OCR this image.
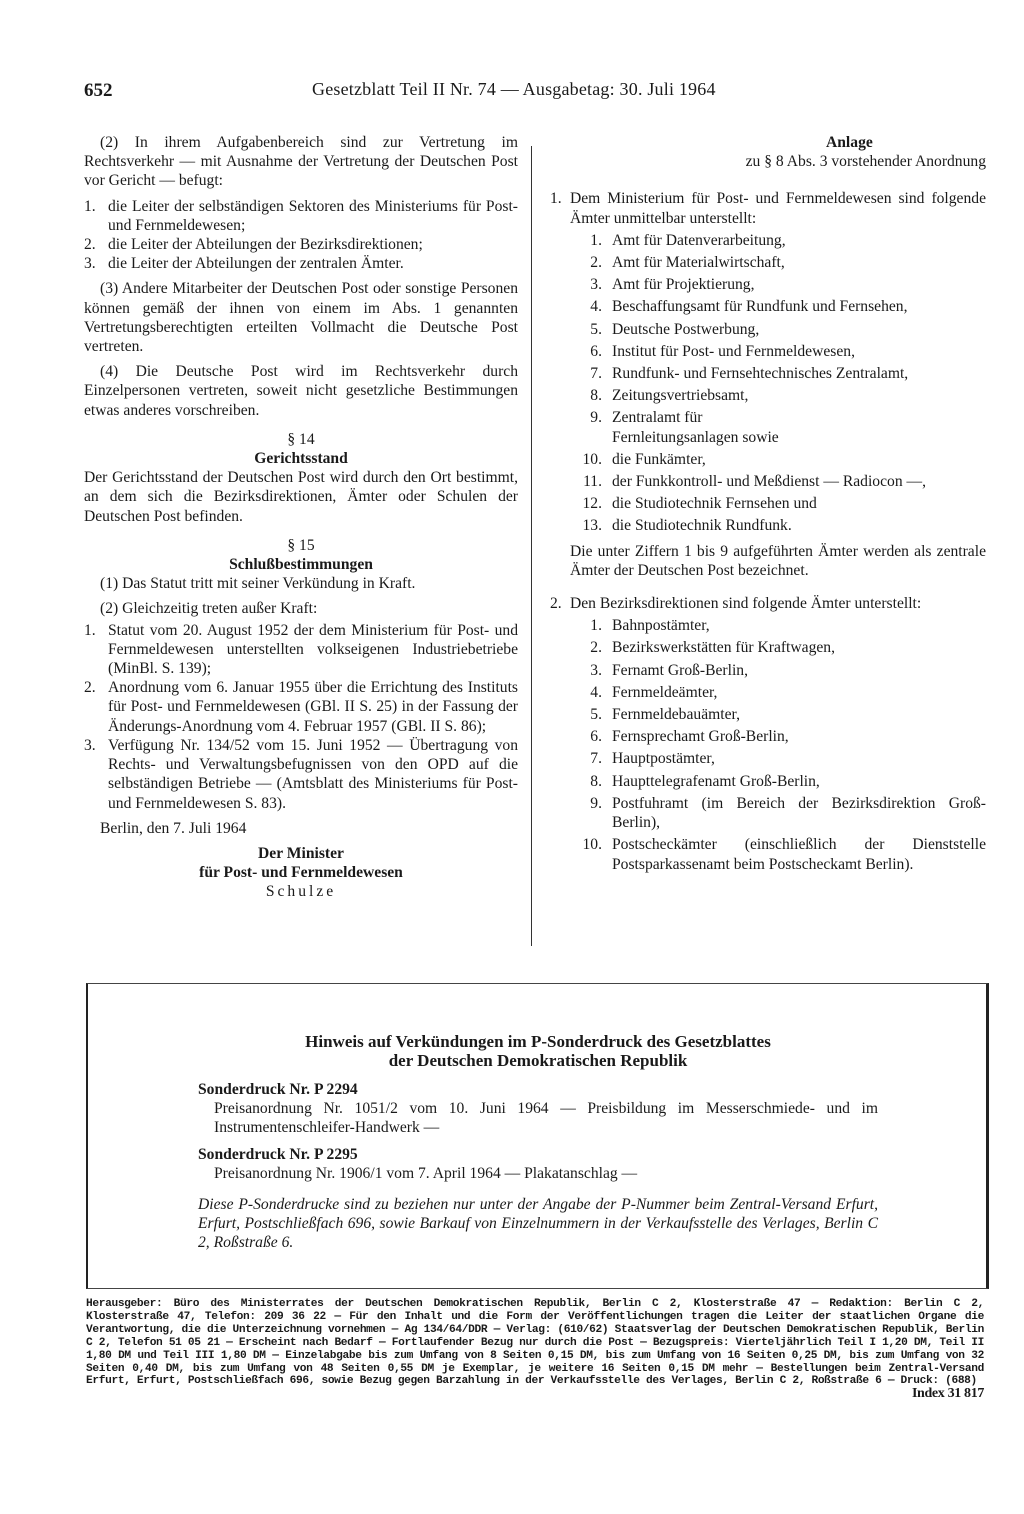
652	Gesetzblatt Teil II Nr. 74 — Ausgabetag: 30. Juli 1964

(2) In ihrem Aufgabenbereich sind zur Vertretung im Rechtsverkehr — mit Ausnahme der Vertretung der Deutschen Post vor Gericht — befugt:

1. die Leiter der selbständigen Sektoren des Ministeriums für Post- und Fernmeldewesen;
2. die Leiter der Abteilungen der Bezirksdirektionen;
3. die Leiter der Abteilungen der zentralen Ämter.

(3) Andere Mitarbeiter der Deutschen Post oder sonstige Personen können gemäß der ihnen von einem im Abs. 1 genannten Vertretungsberechtigten erteilten Vollmacht die Deutsche Post vertreten.

(4) Die Deutsche Post wird im Rechtsverkehr durch Einzelpersonen vertreten, soweit nicht gesetzliche Bestimmungen etwas anderes vorschreiben.

§ 14

Gerichtsstand

Der Gerichtsstand der Deutschen Post wird durch den Ort bestimmt, an dem sich die Bezirksdirektionen, Ämter oder Schulen der Deutschen Post befinden.

§ 15

Schlußbestimmungen

(1) Das Statut tritt mit seiner Verkündung in Kraft.

(2) Gleichzeitig treten außer Kraft:

1. Statut vom 20. August 1952 der dem Ministerium für Post- und Fernmeldewesen unterstellten volkseigenen Industriebetriebe (MinBl. S. 139);
2. Anordnung vom 6. Januar 1955 über die Errichtung des Instituts für Post- und Fernmeldewesen (GBl. II S. 25) in der Fassung der Änderungs-Anordnung vom 4. Februar 1957 (GBl. II S. 86);
3. Verfügung Nr. 134/52 vom 15. Juni 1952 — Übertragung von Rechts- und Verwaltungsbefugnissen von den OPD auf die selbständigen Betriebe — (Amtsblatt des Ministeriums für Post- und Fernmeldewesen S. 83).

Berlin, den 7. Juli 1964

Der Minister

für Post- und Fernmeldewesen

Schulze

Anlage

zu § 8 Abs. 3 vorstehender Anordnung

1. Dem Ministerium für Post- und Fernmeldewesen sind folgende Ämter unmittelbar unterstellt:

1. Amt für Datenverarbeitung,
2. Amt für Materialwirtschaft,
3. Amt für Projektierung,
4. Beschaffungsamt für Rundfunk und Fernsehen,
5. Deutsche Postwerbung,
6. Institut für Post- und Fernmeldewesen,
7. Rundfunk- und Fernsehtechnisches Zentralamt,
8. Zeitungsvertriebsamt,
9. Zentralamt für Fernleitungsanlagen sowie
10. die Funkämter,
11. der Funkkontroll- und Meßdienst — Radiocon —,
12. die Studiotechnik Fernsehen und
13. die Studiotechnik Rundfunk.

Die unter Ziffern 1 bis 9 aufgeführten Ämter werden als zentrale Ämter der Deutschen Post bezeichnet.

2. Den Bezirksdirektionen sind folgende Ämter unterstellt:

1. Bahnpostämter,
2. Bezirkswerkstätten für Kraftwagen,
3. Fernamt Groß-Berlin,
4. Fernmeldeämter,
5. Fernmeldebauämter,
6. Fernsprechamt Groß-Berlin,
7. Hauptpostämter,
8. Haupttelegrafenamt Groß-Berlin,
9. Postfuhramt (im Bereich der Bezirksdirektion Groß-Berlin),
10. Postscheckämter (einschließlich der Dienststelle Postsparkassenamt beim Postscheckamt Berlin).

Hinweis auf Verkündungen im P-Sonderdruck des Gesetzblattes

der Deutschen Demokratischen Republik

Sonderdruck Nr. P 2294

Preisanordnung Nr. 1051/2 vom 10. Juni 1964 — Preisbildung im Messerschmiede- und im Instrumentenschleifer-Handwerk —

Sonderdruck Nr. P 2295

Preisanordnung Nr. 1906/1 vom 7. April 1964 — Plakatanschlag —

Diese P-Sonderdrucke sind zu beziehen nur unter der Angabe der P-Nummer beim Zentral-Versand Erfurt, Erfurt, Postschließfach 696, sowie Barkauf von Einzelnummern in der Verkaufsstelle des Verlages, Berlin C 2, Roßstraße 6.

Herausgeber: Büro des Ministerrates der Deutschen Demokratischen Republik, Berlin C 2, Klosterstraße 47 — Redaktion: Berlin C 2, Klosterstraße 47, Telefon: 209 36 22 — Für den Inhalt und die Form der Veröffentlichungen tragen die Leiter der staatlichen Organe die Verantwortung, die die Unterzeichnung vornehmen — Ag 134/64/DDR — Verlag: (610/62) Staatsverlag der Deutschen Demokratischen Republik, Berlin C 2, Telefon 51 05 21 — Erscheint nach Bedarf — Fortlaufender Bezug nur durch die Post — Bezugspreis: Vierteljährlich Teil I 1,20 DM, Teil II 1,80 DM und Teil III 1,80 DM — Einzelabgabe bis zum Umfang von 8 Seiten 0,15 DM, bis zum Umfang von 16 Seiten 0,25 DM, bis zum Umfang von 32 Seiten 0,40 DM, bis zum Umfang von 48 Seiten 0,55 DM je Exemplar, je weitere 16 Seiten 0,15 DM mehr — Bestellungen beim Zentral-Versand Erfurt, Erfurt, Postschließfach 696, sowie Bezug gegen Barzahlung in der Verkaufsstelle des Verlages, Berlin C 2, Roßstraße 6 — Druck: (688)
Index 31 817
